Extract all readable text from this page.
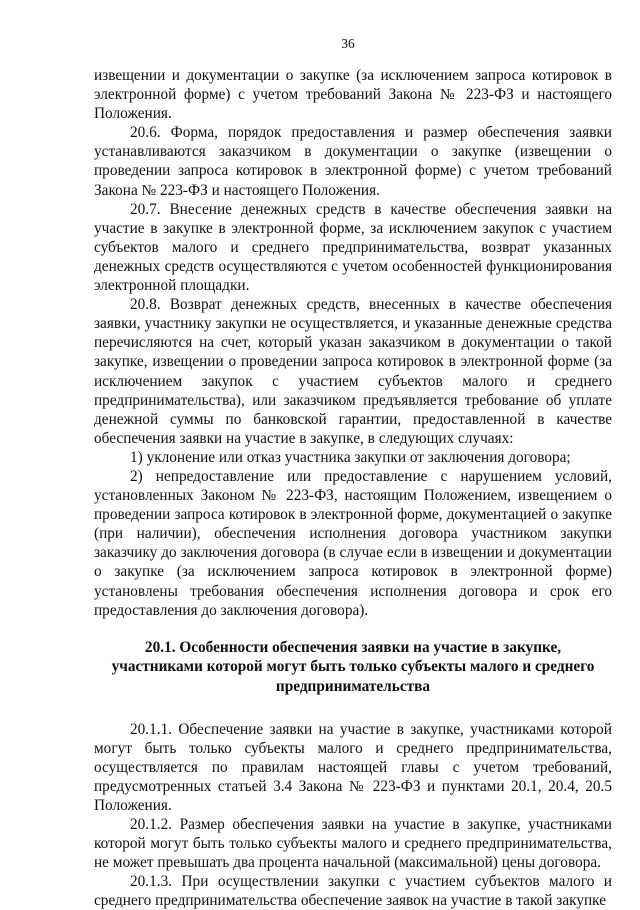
36

извещении и документации о закупке (за исключением запроса котировок в электронной форме) с учетом требований Закона № 223-ФЗ и настоящего Положения.

20.6. Форма, порядок предоставления и размер обеспечения заявки устанавливаются заказчиком в документации о закупке (извещении о проведении запроса котировок в электронной форме) с учетом требований Закона № 223-ФЗ и настоящего Положения.

20.7. Внесение денежных средств в качестве обеспечения заявки на участие в закупке в электронной форме, за исключением закупок с участием субъектов малого и среднего предпринимательства, возврат указанных денежных средств осуществляются с учетом особенностей функционирования электронной площадки.

20.8. Возврат денежных средств, внесенных в качестве обеспечения заявки, участнику закупки не осуществляется, и указанные денежные средства перечисляются на счет, который указан заказчиком в документации о такой закупке, извещении о проведении запроса котировок в электронной форме (за исключением закупок с участием субъектов малого и среднего предпринимательства), или заказчиком предъявляется требование об уплате денежной суммы по банковской гарантии, предоставленной в качестве обеспечения заявки на участие в закупке, в следующих случаях:

1) уклонение или отказ участника закупки от заключения договора;

2) непредоставление или предоставление с нарушением условий, установленных Законом № 223-ФЗ, настоящим Положением, извещением о проведении запроса котировок в электронной форме, документацией о закупке (при наличии), обеспечения исполнения договора участником закупки заказчику до заключения договора (в случае если в извещении и документации о закупке (за исключением запроса котировок в электронной форме) установлены требования обеспечения исполнения договора и срок его предоставления до заключения договора).

20.1. Особенности обеспечения заявки на участие в закупке, участниками которой могут быть только субъекты малого и среднего предпринимательства

20.1.1. Обеспечение заявки на участие в закупке, участниками которой могут быть только субъекты малого и среднего предпринимательства, осуществляется по правилам настоящей главы с учетом требований, предусмотренных статьей 3.4 Закона № 223-ФЗ и пунктами 20.1, 20.4, 20.5 Положения.

20.1.2. Размер обеспечения заявки на участие в закупке, участниками которой могут быть только субъекты малого и среднего предпринимательства, не может превышать два процента начальной (максимальной) цены договора.

20.1.3. При осуществлении закупки с участием субъектов малого и среднего предпринимательства обеспечение заявок на участие в такой закупке
